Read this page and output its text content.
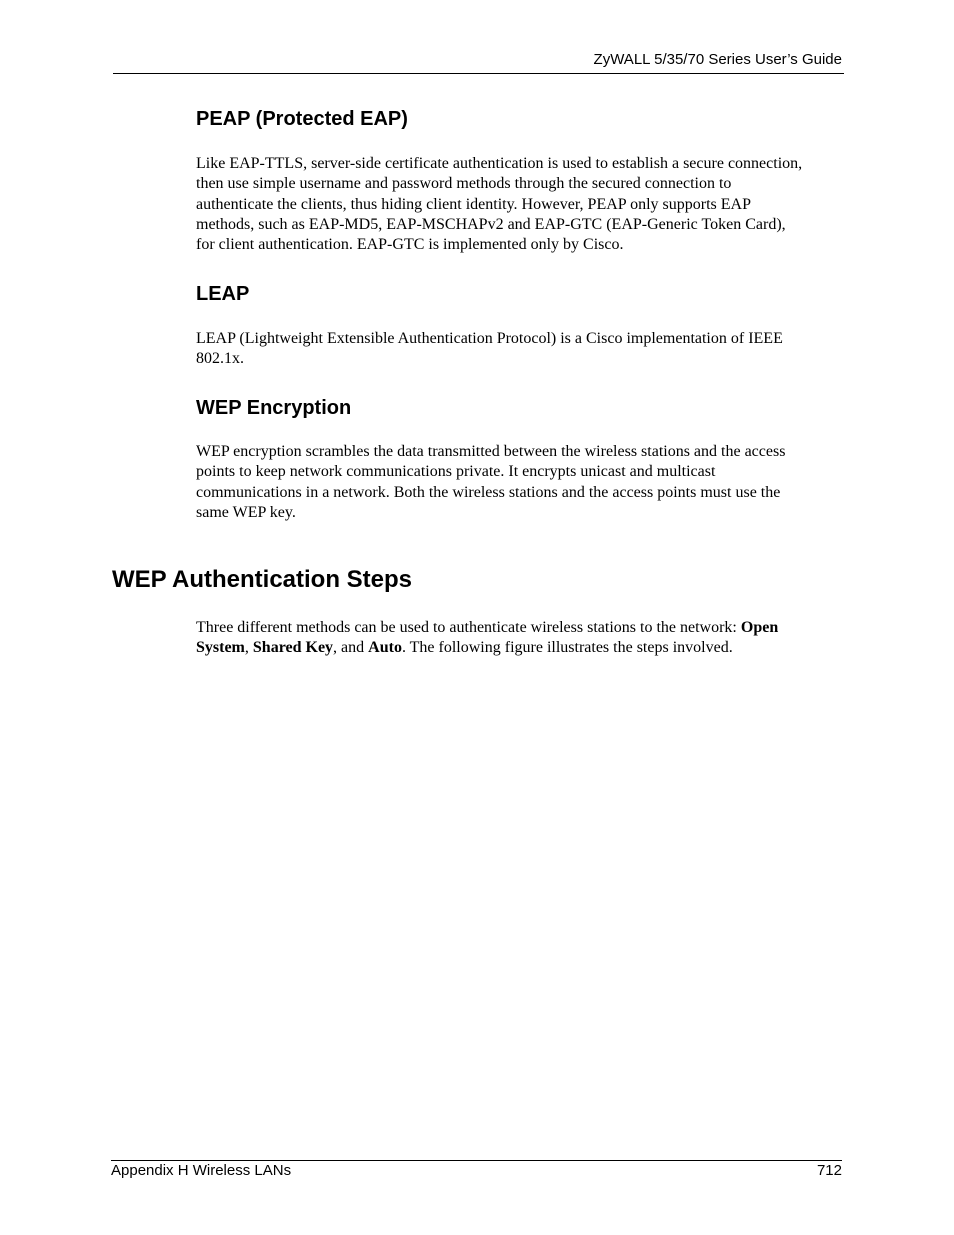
ZyWALL 5/35/70 Series User’s Guide
PEAP (Protected EAP)
Like EAP-TTLS, server-side certificate authentication is used to establish a secure connection,
then use simple username and password methods through the secured connection to
authenticate the clients, thus hiding client identity. However, PEAP only supports EAP
methods, such as EAP-MD5, EAP-MSCHAPv2 and EAP-GTC (EAP-Generic Token Card),
for client authentication. EAP-GTC is implemented only by Cisco.
LEAP
LEAP (Lightweight Extensible Authentication Protocol) is a Cisco implementation of IEEE
802.1x.
WEP Encryption
WEP encryption scrambles the data transmitted between the wireless stations and the access
points to keep network communications private. It encrypts unicast and multicast
communications in a network. Both the wireless stations and the access points must use the
same WEP key.
WEP Authentication Steps
Three different methods can be used to authenticate wireless stations to the network: Open
System, Shared Key, and Auto. The following figure illustrates the steps involved.
Appendix H Wireless LANs	712
